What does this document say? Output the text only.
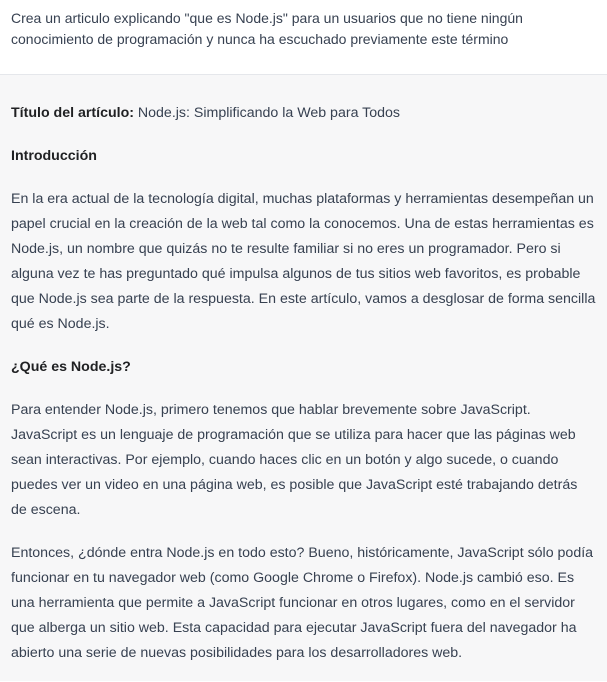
Crea un articulo explicando "que es Node.js" para un usuarios que no tiene ningún conocimiento de programación y nunca ha escuchado previamente este término

Título del artículo: Node.js: Simplificando la Web para Todos

Introducción

En la era actual de la tecnología digital, muchas plataformas y herramientas desempeñan un papel crucial en la creación de la web tal como la conocemos. Una de estas herramientas es Node.js, un nombre que quizás no te resulte familiar si no eres un programador. Pero si alguna vez te has preguntado qué impulsa algunos de tus sitios web favoritos, es probable que Node.js sea parte de la respuesta. En este artículo, vamos a desglosar de forma sencilla qué es Node.js.

¿Qué es Node.js?

Para entender Node.js, primero tenemos que hablar brevemente sobre JavaScript. JavaScript es un lenguaje de programación que se utiliza para hacer que las páginas web sean interactivas. Por ejemplo, cuando haces clic en un botón y algo sucede, o cuando puedes ver un video en una página web, es posible que JavaScript esté trabajando detrás de escena.

Entonces, ¿dónde entra Node.js en todo esto? Bueno, históricamente, JavaScript sólo podía funcionar en tu navegador web (como Google Chrome o Firefox). Node.js cambió eso. Es una herramienta que permite a JavaScript funcionar en otros lugares, como en el servidor que alberga un sitio web. Esta capacidad para ejecutar JavaScript fuera del navegador ha abierto una serie de nuevas posibilidades para los desarrolladores web.
